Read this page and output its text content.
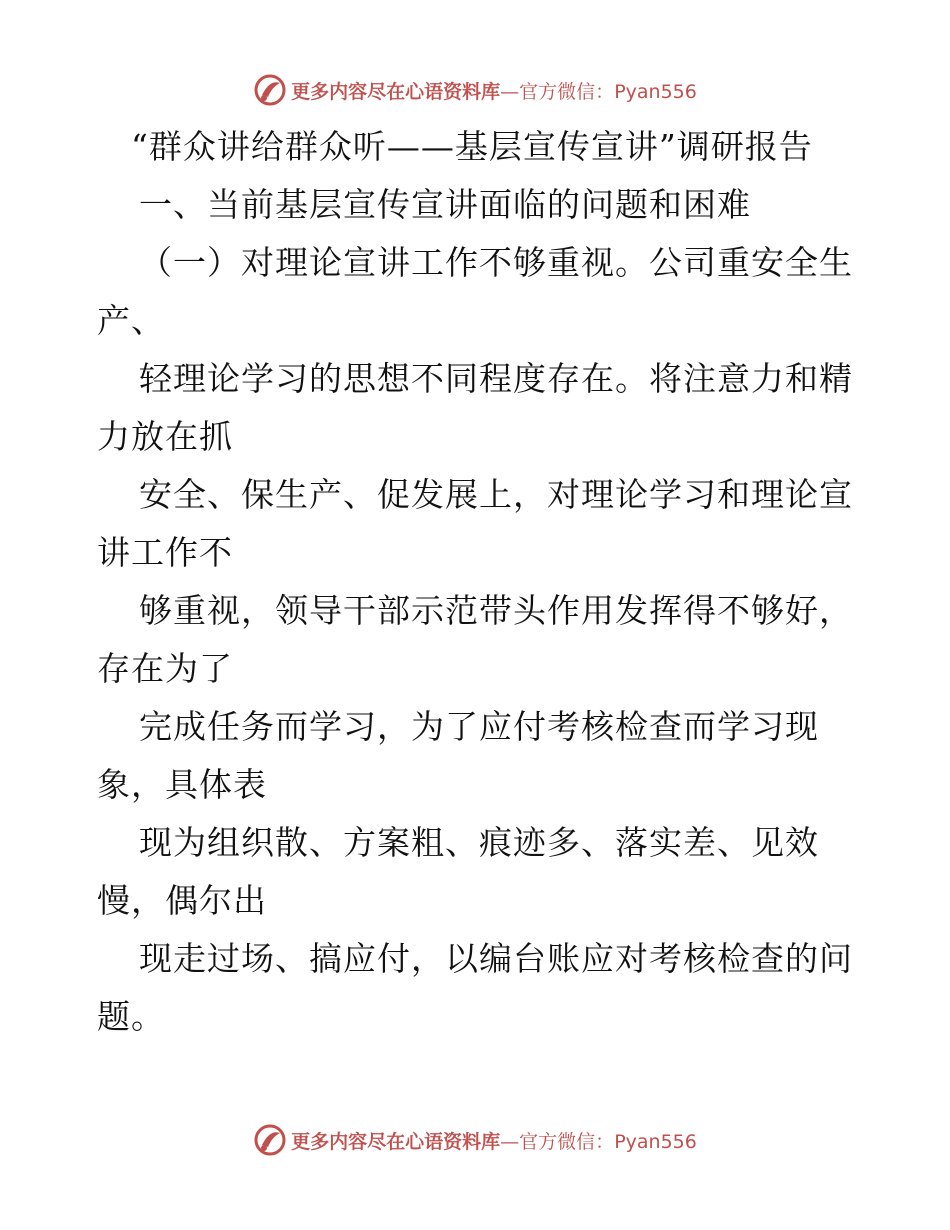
更多内容尽在心语资料库—官方微信：Pyan556
“群众讲给群众听——基层宣传宣讲”调研报告
一、当前基层宣传宣讲面临的问题和困难
（一）对理论宣讲工作不够重视。公司重安全生
产、
轻理论学习的思想不同程度存在。将注意力和精
力放在抓
安全、保生产、促发展上，对理论学习和理论宣
讲工作不
够重视，领导干部示范带头作用发挥得不够好，
存在为了
完成任务而学习，为了应付考核检查而学习现
象，具体表
现为组织散、方案粗、痕迹多、落实差、见效
慢，偶尔出
现走过场、搞应付，以编台账应对考核检查的问
题。
更多内容尽在心语资料库—官方微信：Pyan556
